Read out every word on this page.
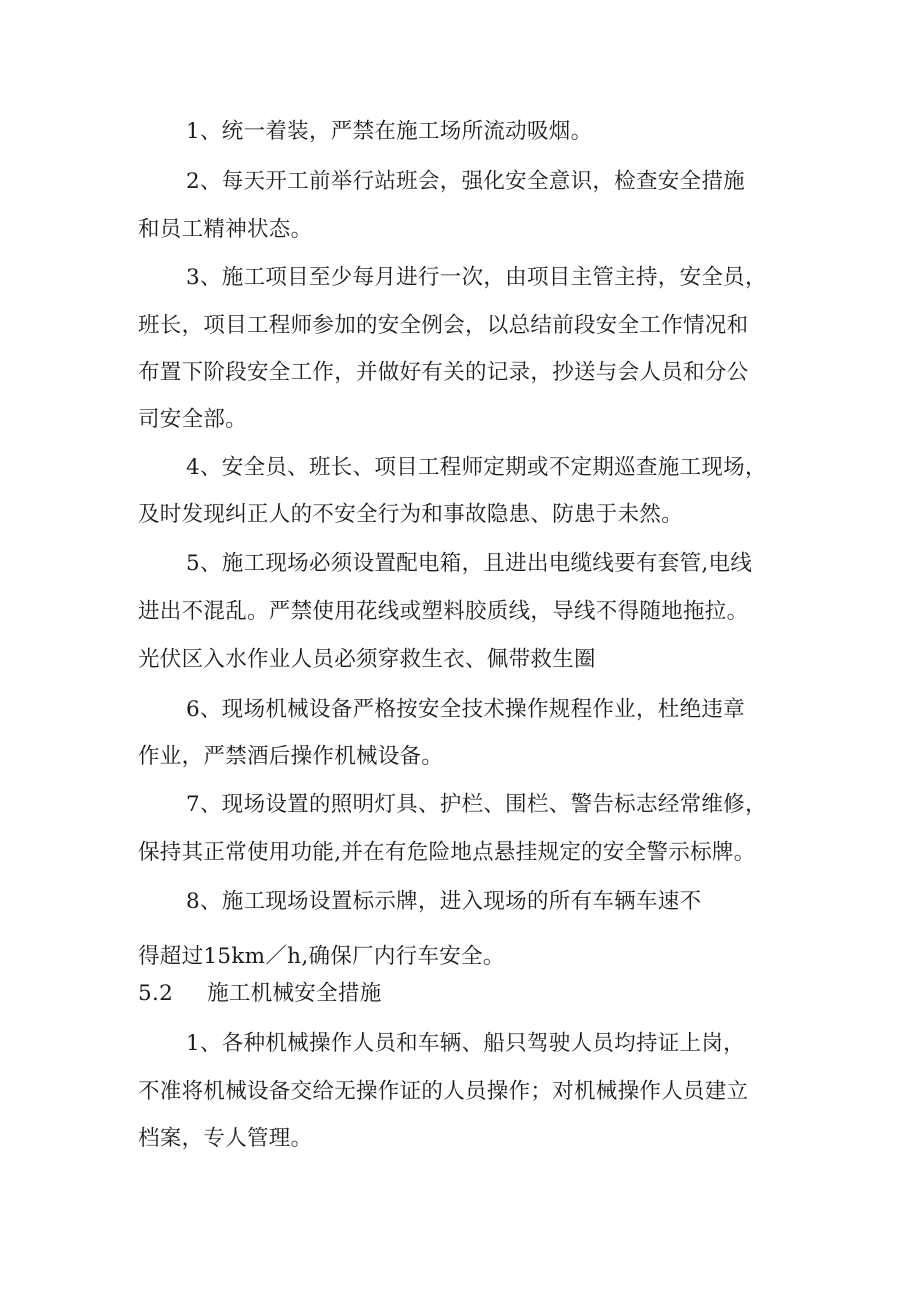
1、统一着装，严禁在施工场所流动吸烟。
2、每天开工前举行站班会，强化安全意识，检查安全措施
和员工精神状态。
3、施工项目至少每月进行一次，由项目主管主持，安全员，
班长，项目工程师参加的安全例会，以总结前段安全工作情况和
布置下阶段安全工作，并做好有关的记录，抄送与会人员和分公
司安全部。
4、安全员、班长、项目工程师定期或不定期巡查施工现场，
及时发现纠正人的不安全行为和事故隐患、防患于未然。
5、施工现场必须设置配电箱，且进出电缆线要有套管,电线
进出不混乱。严禁使用花线或塑料胶质线，导线不得随地拖拉。
光伏区入水作业人员必须穿救生衣、佩带救生圈
6、现场机械设备严格按安全技术操作规程作业，杜绝违章
作业，严禁酒后操作机械设备。
7、现场设置的照明灯具、护栏、围栏、警告标志经常维修，
保持其正常使用功能,并在有危险地点悬挂规定的安全警示标牌。
8、施工现场设置标示牌，进入现场的所有车辆车速不
得超过15km／h,确保厂内行车安全。
5.2 施工机械安全措施
1、各种机械操作人员和车辆、船只驾驶人员均持证上岗，
不准将机械设备交给无操作证的人员操作；对机械操作人员建立
档案，专人管理。
